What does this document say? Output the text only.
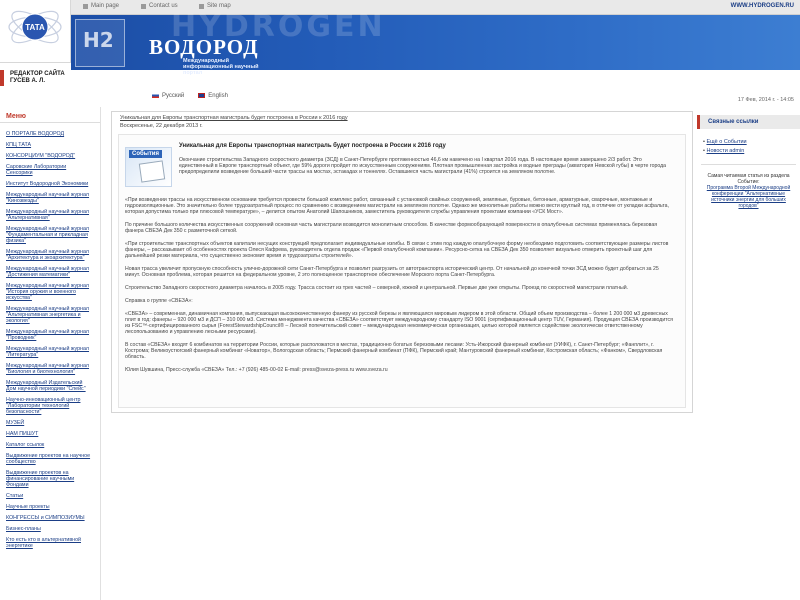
TATA
Main page	Contact us	Site map	WWW.HYDROGEN.RU
H2 HYDROGEN
ВОДОРОД
Международный информационный научный портал
РЕДАКТОР САЙТА
ГУСЕВ А. Л.
Русский	English
17 Фев, 2014 г. - 14:05
Меню
О ПОРТАЛЕ ВОДОРОД
КПЦ ТАТА
КОНСОРЦИУМ "ВОДОРОД"
Саровские Лаборатории Сенсорики
Институт Водородной Экономики
Международный научный журнал "Кинозвезды"
Международный научный журнал "Альтернативная"
Международный научный журнал "Фундаментальная и прикладная физика"
Международный научный журнал "Архитектура и экоархитектура"
Международный научный журнал "Достижения математики"
Международный научный журнал "История оружия и военного искусства"
Международный научный журнал "Альтернативная энергетика и экология"
Международный научный журнал "Проводник"
Международный научный журнал "Литература"
Международный научный журнал "Биология и биотехнология"
Международный Издательский Дом научной периодики "Спейс"
Научно-инновационный центр "Лаборатории технологий безопасности"
МУЗЕЙ
НАМ ПИШУТ
Каталог ссылок
Выдвижение проектов на научное сообщество
Выдвижение проектов на финансирование научными Фондами
Статьи
Научные проекты
КОНГРЕССЫ и СИМПОЗИУМЫ
Бизнес-планы
Кто есть кто в альтернативной энергетике
Уникальная для Европы транспортная магистраль будет построена в России к 2016 году
Воскресенье, 22 декабря 2013 г.
События
Уникальная для Европы транспортная магистраль будет построена в России к 2016 году
Окончание строительства Западного скоростного диаметра (ЗСД) в Санкт-Петербурге протяженностью 46,6 км намечено на I квартал 2016 года. В настоящее время завершено 2/3 работ. Это единственный в Европе транспортный объект, где 59% дороги пройдет по искусственным сооружениям. Плотная промышленная застройка и водные преграды (акватория Невской губы) в черте города предопределили возведение большей части трассы на мостах, эстакадах и тоннелях. Оставшиеся часть магистрали (41%) строится на земляном полотне.

«При возведении трассы на искусственном основании требуется провести большой комплекс работ, связанный с установкой свайных сооружений, земляные, буровые, бетонные, арматурные, сварочные, монтажные и гидроизоляционные. Это значительно более трудозатратный процесс по сравнению с возведением магистрали на земляном полотне. Однако же монолитные работы можно вести круглый год, в отличие от укладки асфальта, которая допустима только при плюсовой температуре», – делится опытом Анатолий Шапошников, заместитель руководителя службы управления проектами компании «УСК Мост».

По причине большого количества искусственных сооружений основная часть магистрали возводится монолитным способом. В качестве формообразующей поверхности в опалубочных системах применялась березовая фанера СВЕЗА Дек 350 с разметочной сеткой.

«При строительстве транспортных объектов капитали несущих конструкций предполагает индивидуальные изгибы. В связи с этим под каждую опалубочную форму необходимо подготовить соответствующие размеры листов фанеры, – рассказывает об особенностях проекта Олеся Кафрева, руководитель отдела продаж «Первой опалубочной компании». Ресурсно-сетка на СВЕЗА Дек 350 позволяет визуально отмерить проектный шаг для дальнейшей резки материала, что существенно экономит время и трудозатраты строителей».

Новая трасса увеличит пропускную способность улично-дорожной сети Санкт-Петербурга и позволит разгрузить от автотранспорта исторический центр. От начальной до конечной точки ЗСД можно будет добраться за 25 минут. Основная проблема, которая решится на федеральном уровне, 2 это полноценное транспортное обеспечение Морского порта Санкт-Петербурга.

Строительство Западного скоростного диаметра началось в 2005 году. Трасса состоит из трех частей – северной, южной и центральной. Первые две уже открыты. Проезд по скоростной магистрали платный.

Справка о группе «СВЕЗА»:

«СВЕЗА» – современная, динамичная компания, выпускающая высококачественную фанеру из русской березы и являющаяся мировым лидером в этой области. Общий объем производства – более 1 200 000 м3 древесных плит в год: фанеры – 920 000 м3 и ДСП – 310 000 м3. Система менеджмента качества «СВЕЗА» соответствует международному стандарту ISO 9001 (сертификационный центр TUV, Германия). Продукция СВЕЗА производится из FSC™-сертифицированного сырья (ForestStewardshipCouncil® – Лесной попечительский совет – международная некоммерческая организация, целью которой является содействие экологически ответственному лесопользованию и управлению лесными ресурсами).

В состав «СВЕЗА» входят 6 комбинатов на территории России, которые расположатся в местах, традиционно богатых березовыми лесами: Усть-Ижорский фанерный комбинат (УИФК), г. Санкт-Петербург; «Фанплит», г. Кострома; Великоустюгский фанерный комбинат «Новатор», Вологодская область; Пермский фанерный комбинат (ПФК), Пермский край; Мантуровский фанерный комбинат, Костромская область; «Фанком», Свердловская область.

Юлия Шувшина, Пресс-служба «СВЕЗА» Тел.: +7 (926) 485-00-02 E-mail: press@sveza-press.ru www.sveza.ru

Связные ссылки
• Ещё о Событии
• Новости admin
Самая читаемая статья из раздела Событие:
Программа Второй Международной конференции "Альтернативные источники энергии для больших городов"
